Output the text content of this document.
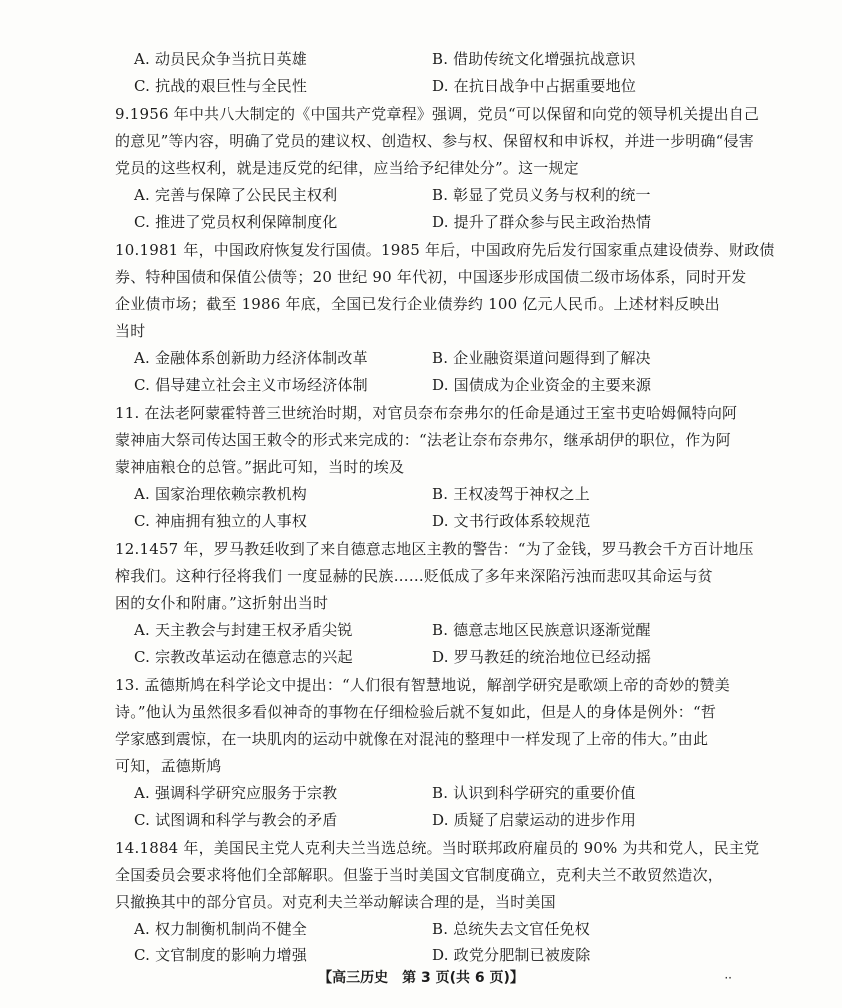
A. 动员民众争当抗日英雄	B. 借助传统文化增强抗战意识
C. 抗战的艰巨性与全民性	D. 在抗日战争中占据重要地位
9.1956 年中共八大制定的《中国共产党章程》强调，党员“可以保留和向党的领导机关提出自己
的意见”等内容，明确了党员的建议权、创造权、参与权、保留权和申诉权，并进一步明确“侵害
党员的这些权利，就是违反党的纪律，应当给予纪律处分”。这一规定
A. 完善与保障了公民民主权利	B. 彰显了党员义务与权利的统一
C. 推进了党员权利保障制度化	D. 提升了群众参与民主政治热情
10.1981 年，中国政府恢复发行国债。1985 年后，中国政府先后发行国家重点建设债券、财政债
券、特种国债和保值公债等；20 世纪 90 年代初，中国逐步形成国债二级市场体系，同时开发
企业债市场；截至 1986 年底，全国已发行企业债券约 100 亿元人民币。上述材料反映出
当时
A. 金融体系创新助力经济体制改革	B. 企业融资渠道问题得到了解决
C. 倡导建立社会主义市场经济体制	D. 国债成为企业资金的主要来源
11. 在法老阿蒙霍特普三世统治时期，对官员奈布奈弗尔的任命是通过王室书吏哈姆佩特向阿
蒙神庙大祭司传达国王敕令的形式来完成的：“法老让奈布奈弗尔，继承胡伊的职位，作为阿
蒙神庙粮仓的总管。”据此可知，当时的埃及
A. 国家治理依赖宗教机构	B. 王权凌驾于神权之上
C. 神庙拥有独立的人事权	D. 文书行政体系较规范
12.1457 年，罗马教廷收到了来自德意志地区主教的警告：“为了金钱，罗马教会千方百计地压
榨我们。这种行径将我们 一度显赫的民族……贬低成了多年来深陷污浊而悲叹其命运与贫
困的女仆和附庸。”这折射出当时
A. 天主教会与封建王权矛盾尖锐	B. 德意志地区民族意识逐渐觉醒
C. 宗教改革运动在德意志的兴起	D. 罗马教廷的统治地位已经动摇
13. 孟德斯鸠在科学论文中提出：“人们很有智慧地说，解剖学研究是歌颂上帝的奇妙的赞美
诗。”他认为虽然很多看似神奇的事物在仔细检验后就不复如此，但是人的身体是例外：“哲
学家感到震惊，在一块肌肉的运动中就像在对混沌的整理中一样发现了上帝的伟大。”由此
可知，孟德斯鸠
A. 强调科学研究应服务于宗教	B. 认识到科学研究的重要价值
C. 试图调和科学与教会的矛盾	D. 质疑了启蒙运动的进步作用
14.1884 年，美国民主党人克利夫兰当选总统。当时联邦政府雇员的 90% 为共和党人，民主党
全国委员会要求将他们全部解职。但鉴于当时美国文官制度确立，克利夫兰不敢贸然造次，
只撤换其中的部分官员。对克利夫兰举动解读合理的是，当时美国
A. 权力制衡机制尚不健全	B. 总统失去文官任免权
C. 文官制度的影响力增强	D. 政党分肥制已被废除
【高三历史　第 3 页(共 6 页)】	··
